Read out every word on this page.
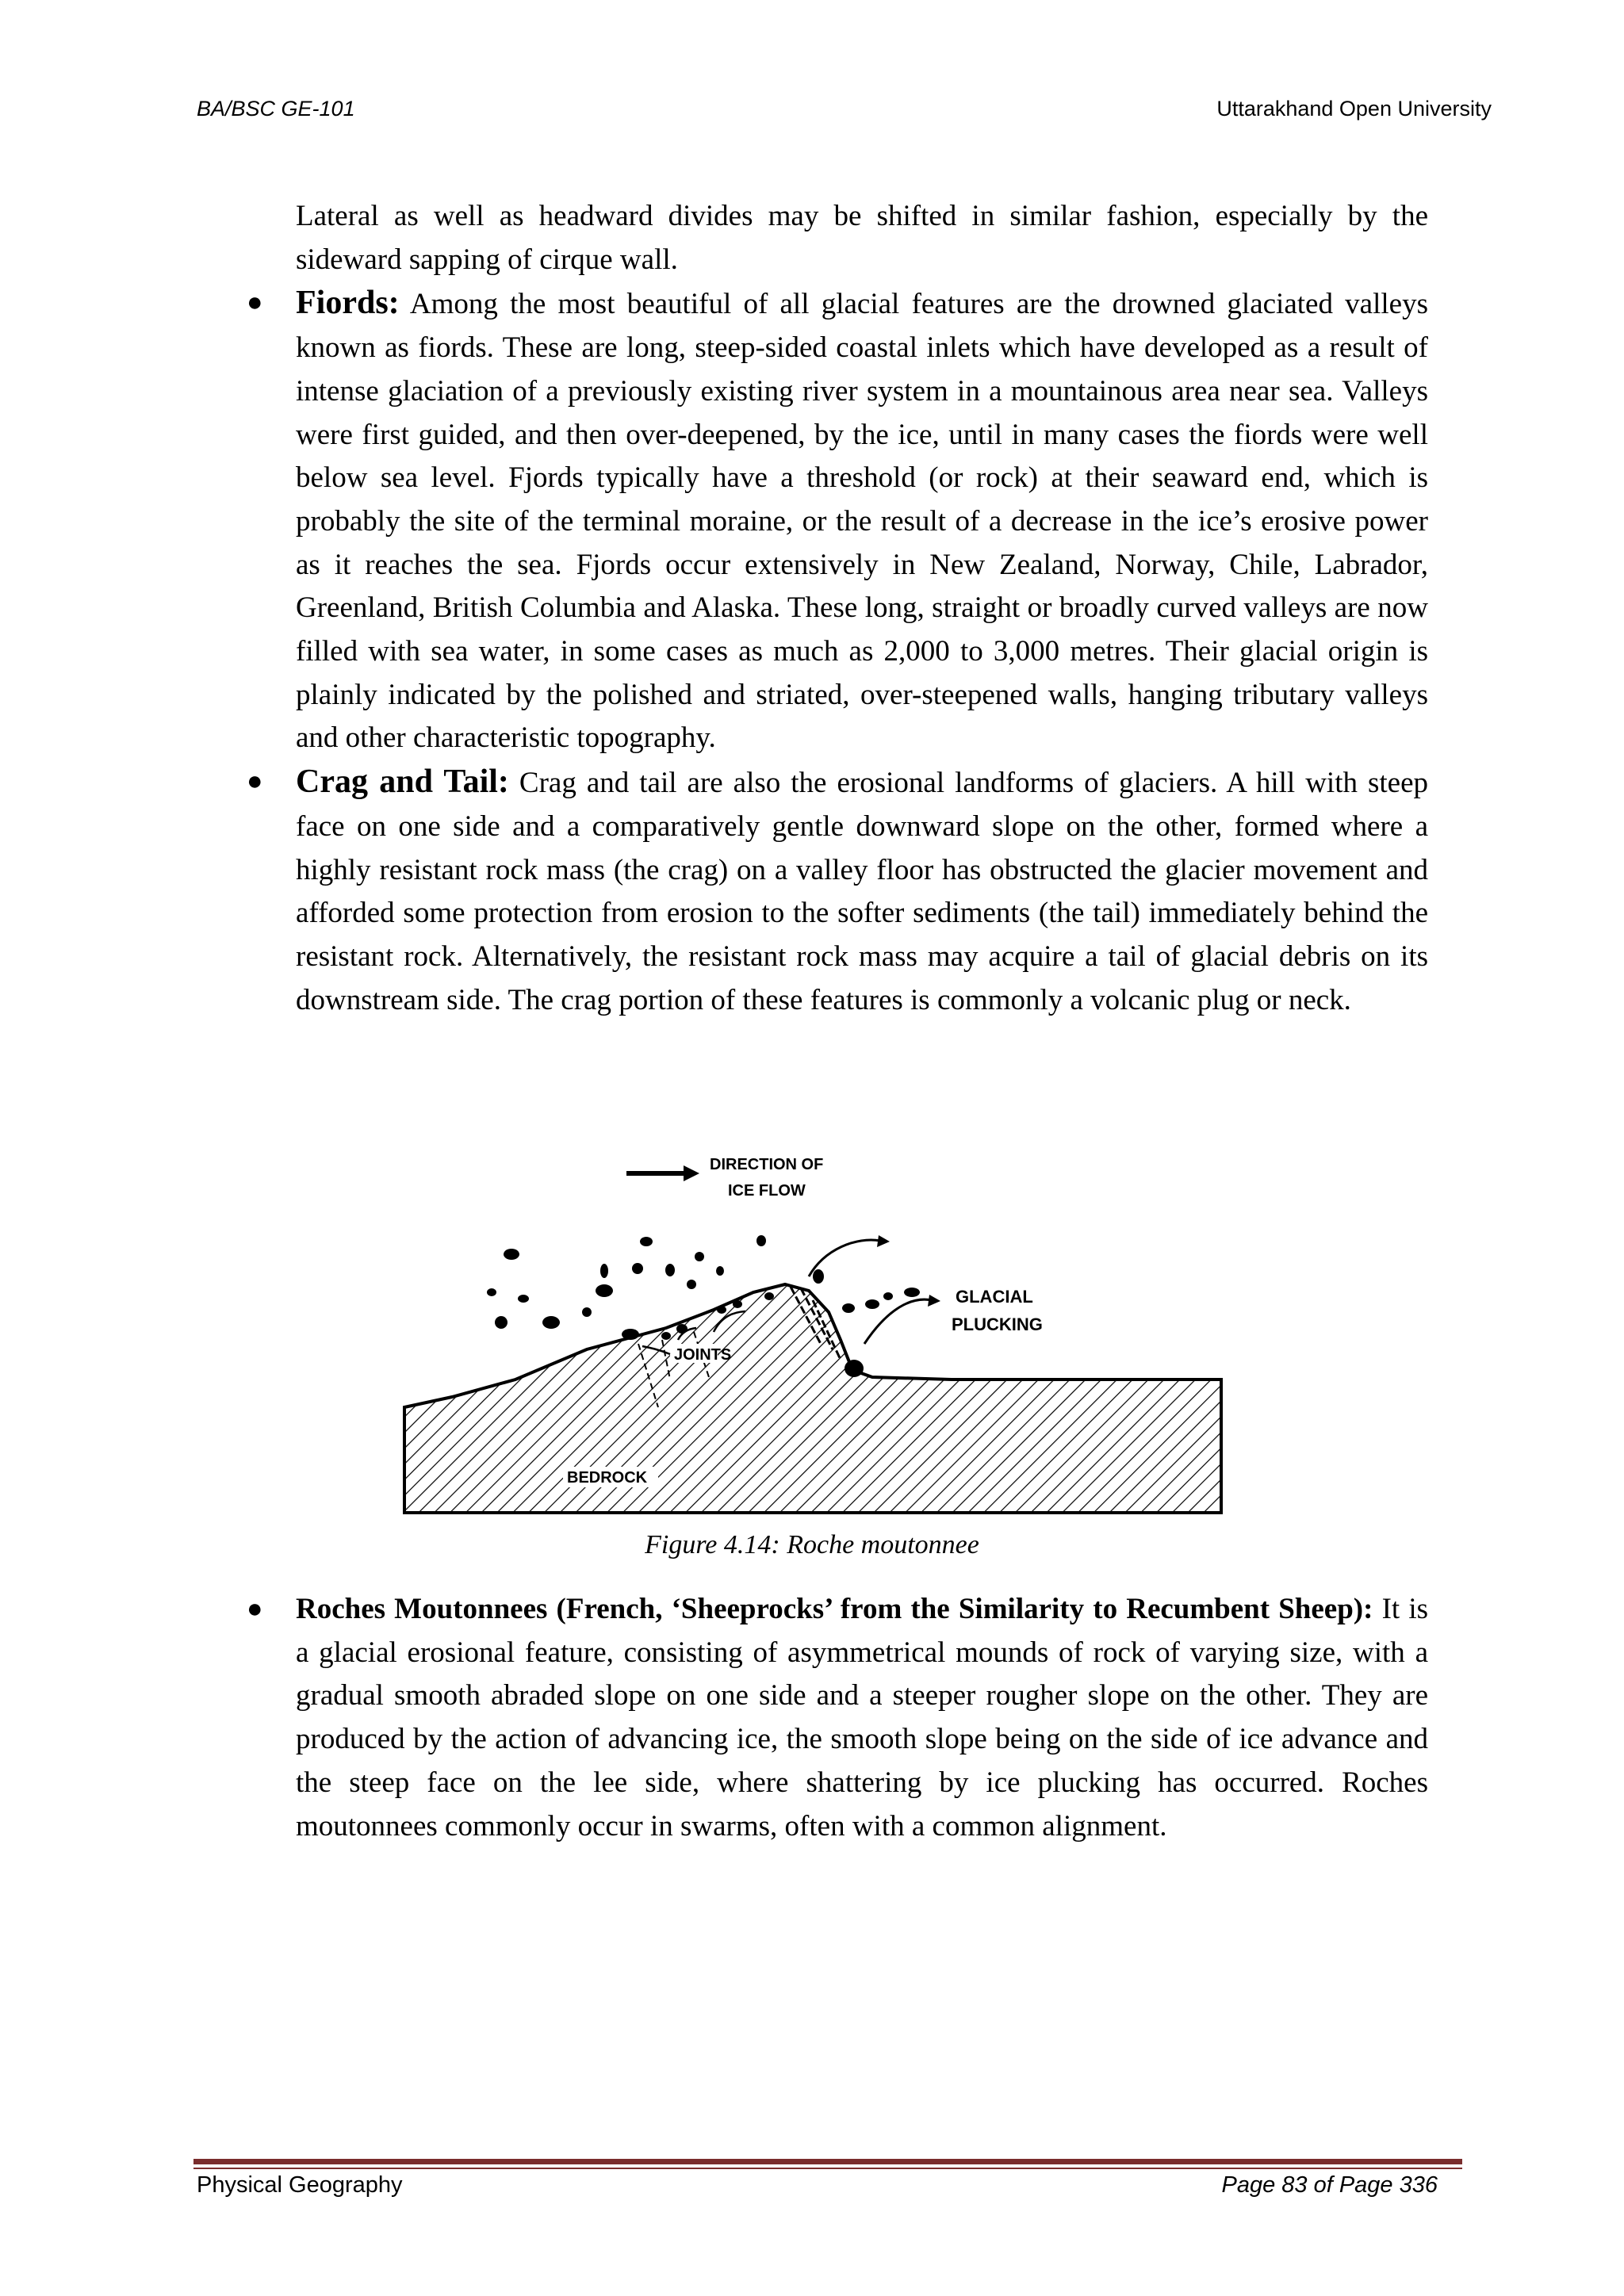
BA/BSC GE-101	Uttarakhand Open University

Lateral as well as headward divides may be shifted in similar fashion, especially by the sideward sapping of cirque wall.

● Fiords: Among the most beautiful of all glacial features are the drowned glaciated valleys known as fiords. These are long, steep-sided coastal inlets which have developed as a result of intense glaciation of a previously existing river system in a mountainous area near sea. Valleys were first guided, and then over-deepened, by the ice, until in many cases the fiords were well below sea level. Fjords typically have a threshold (or rock) at their seaward end, which is probably the site of the terminal moraine, or the result of a decrease in the ice’s erosive power as it reaches the sea. Fjords occur extensively in New Zealand, Norway, Chile, Labrador, Greenland, British Columbia and Alaska. These long, straight or broadly curved valleys are now filled with sea water, in some cases as much as 2,000 to 3,000 metres. Their glacial origin is plainly indicated by the polished and striated, over-steepened walls, hanging tributary valleys and other characteristic topography.
● Crag and Tail: Crag and tail are also the erosional landforms of glaciers. A hill with steep face on one side and a comparatively gentle downward slope on the other, formed where a highly resistant rock mass (the crag) on a valley floor has obstructed the glacier movement and afforded some protection from erosion to the softer sediments (the tail) immediately behind the resistant rock. Alternatively, the resistant rock mass may acquire a tail of glacial debris on its downstream side. The crag portion of these features is commonly a volcanic plug or neck.
DIRECTION OF
ICE FLOW
GLACIAL
PLUCKING
JOINTS
BEDROCK
Figure 4.14: Roche moutonnee
● Roches Moutonnees (French, ‘Sheeprocks’ from the Similarity to Recumbent Sheep): It is a glacial erosional feature, consisting of asymmetrical mounds of rock of varying size, with a gradual smooth abraded slope on one side and a steeper rougher slope on the other. They are produced by the action of advancing ice, the smooth slope being on the side of ice advance and the steep face on the lee side, where shattering by ice plucking has occurred. Roches moutonnees commonly occur in swarms, often with a common alignment.
Physical Geography	Page 83 of Page 336
